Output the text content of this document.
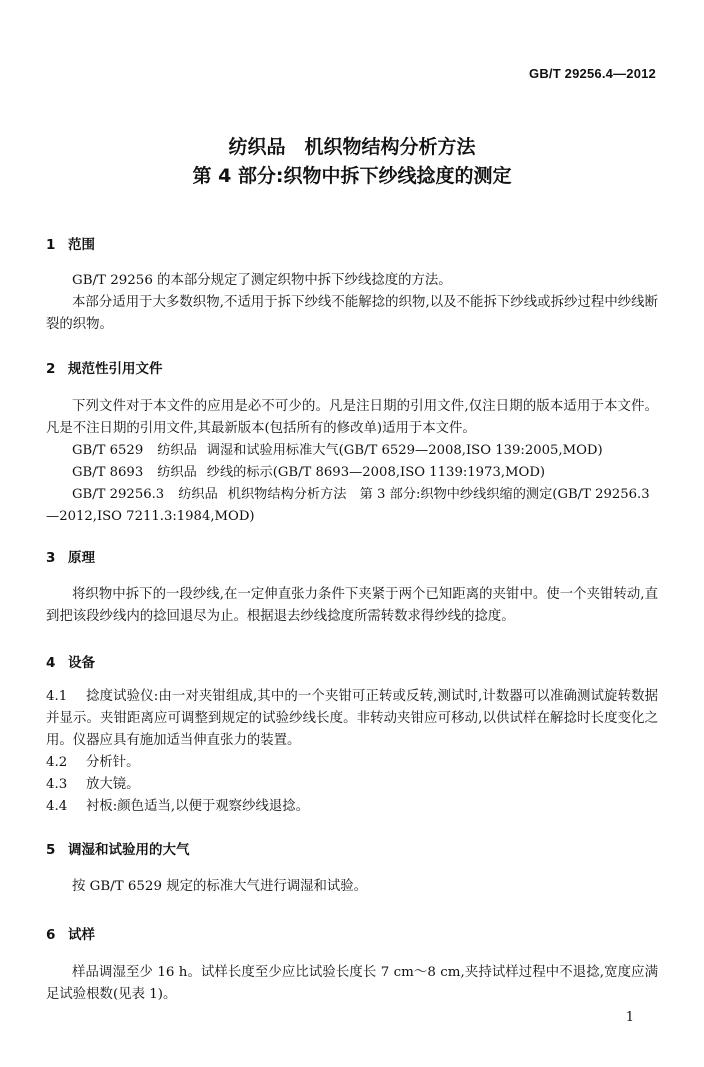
GB/T 29256.4—2012
纺织品　机织物结构分析方法
第 4 部分:织物中拆下纱线捻度的测定
1 范围
GB/T 29256 的本部分规定了测定织物中拆下纱线捻度的方法。
本部分适用于大多数织物,不适用于拆下纱线不能解捻的织物,以及不能拆下纱线或拆纱过程中纱线断裂的织物。
2 规范性引用文件
下列文件对于本文件的应用是必不可少的。凡是注日期的引用文件,仅注日期的版本适用于本文件。凡是不注日期的引用文件,其最新版本(包括所有的修改单)适用于本文件。
GB/T 6529 纺织品 调湿和试验用标准大气(GB/T 6529—2008,ISO 139:2005,MOD)
GB/T 8693 纺织品 纱线的标示(GB/T 8693—2008,ISO 1139:1973,MOD)
GB/T 29256.3 纺织品 机织物结构分析方法　第 3 部分:织物中纱线织缩的测定(GB/T 29256.3—2012,ISO 7211.3:1984,MOD)
3 原理
将织物中拆下的一段纱线,在一定伸直张力条件下夹紧于两个已知距离的夹钳中。使一个夹钳转动,直到把该段纱线内的捻回退尽为止。根据退去纱线捻度所需转数求得纱线的捻度。
4 设备
4.1 捻度试验仪:由一对夹钳组成,其中的一个夹钳可正转或反转,测试时,计数器可以准确测试旋转数据并显示。夹钳距离应可调整到规定的试验纱线长度。非转动夹钳应可移动,以供试样在解捻时长度变化之用。仪器应具有施加适当伸直张力的装置。
4.2 分析针。
4.3 放大镜。
4.4 衬板:颜色适当,以便于观察纱线退捻。
5 调湿和试验用的大气
按 GB/T 6529 规定的标准大气进行调湿和试验。
6 试样
样品调湿至少 16 h。试样长度至少应比试验长度长 7 cm～8 cm,夹持试样过程中不退捻,宽度应满足试验根数(见表 1)。
1
